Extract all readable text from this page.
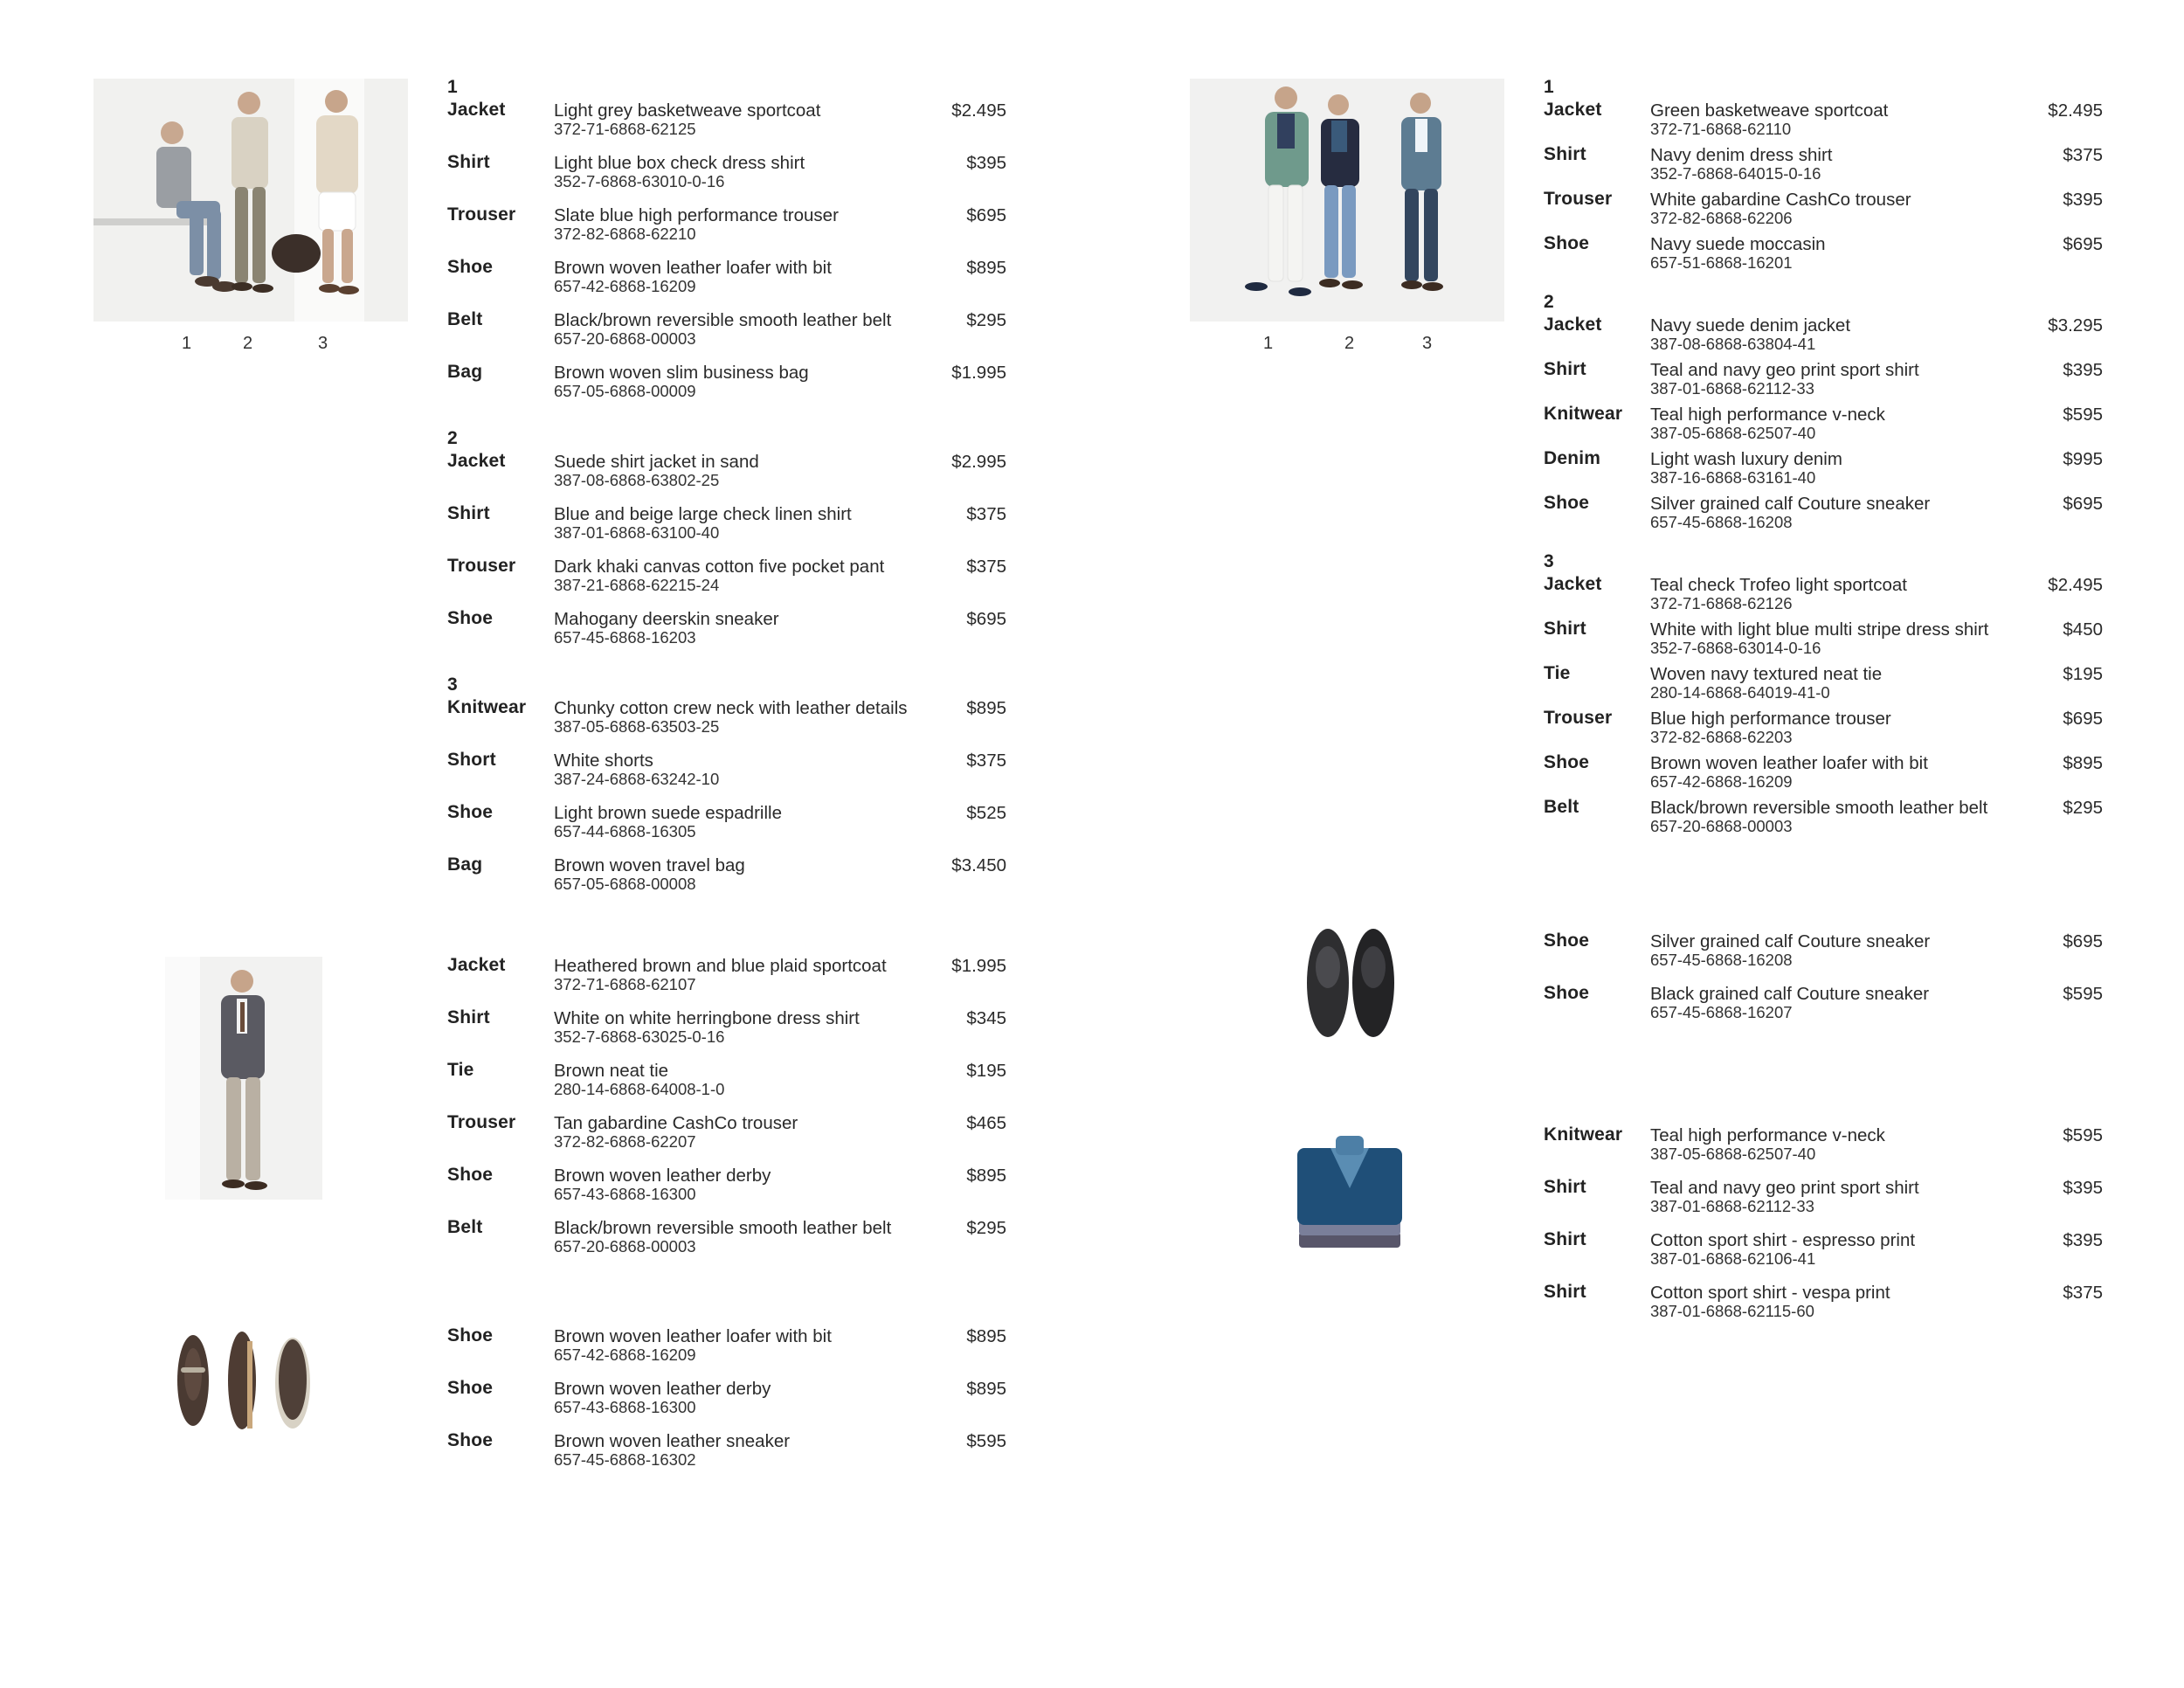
1	2	3
1
Jacket	Light grey basketweave sportcoat
372-71-6868-62125
$2.495
Shirt	Light blue box check dress shirt
352-7-6868-63010-0-16
$395
Trouser Slate blue high performance trouser
372-82-6868-62210
$695
Shoe	Brown woven leather loafer with bit
657-42-6868-16209
$895
Belt	Black/brown reversible smooth leather belt
657-20-6868-00003
$295
Bag	Brown woven slim business bag
657-05-6868-00009
$1.995
2
Jacket	Suede shirt jacket in sand
387-08-6868-63802-25
$2.995
Shirt	Blue and beige large check linen shirt
387-01-6868-63100-40
$375
Trouser Dark khaki canvas cotton five pocket pant
387-21-6868-62215-24
$375
Shoe	Mahogany deerskin sneaker
657-45-6868-16203
$695
3
Knitwear Chunky cotton crew neck with leather details
387-05-6868-63503-25
$895
Short	White shorts
387-24-6868-63242-10
$375
Shoe	Light brown suede espadrille
657-44-6868-16305
$525
Bag	Brown woven travel bag
657-05-6868-00008
$3.450
Jacket	Heathered brown and blue plaid sportcoat
372-71-6868-62107
$1.995
Shirt	White on white herringbone dress shirt
352-7-6868-63025-0-16
$345
Tie	Brown neat tie
280-14-6868-64008-1-0
$195
Trouser Tan gabardine CashCo trouser
372-82-6868-62207
$465
Shoe	Brown woven leather derby
657-43-6868-16300
$895
Belt	Black/brown reversible smooth leather belt
657-20-6868-00003
$295
Shoe	Brown woven leather loafer with bit
657-42-6868-16209
$895
Shoe	Brown woven leather derby
657-43-6868-16300
$895
Shoe	Brown woven leather sneaker
657-45-6868-16302
$595
1	2	3
1
Jacket	Green basketweave sportcoat
372-71-6868-62110
$2.495
Shirt	Navy denim dress shirt
352-7-6868-64015-0-16
$375
Trouser White gabardine CashCo trouser
372-82-6868-62206
$395
Shoe	Navy suede moccasin
657-51-6868-16201
$695
2
Jacket	Navy suede denim jacket
387-08-6868-63804-41
$3.295
Shirt	Teal and navy geo print sport shirt
387-01-6868-62112-33
$395
Knitwear Teal high performance v-neck
387-05-6868-62507-40
$595
Denim	Light wash luxury denim
387-16-6868-63161-40
$995
Shoe	Silver grained calf Couture sneaker
657-45-6868-16208
$695
3
Jacket	Teal check Trofeo light sportcoat
372-71-6868-62126
$2.495
Shirt	White with light blue multi stripe dress shirt
352-7-6868-63014-0-16
$450
Tie	Woven navy textured neat tie
280-14-6868-64019-41-0
$195
Trouser Blue high performance trouser
372-82-6868-62203
$695
Shoe	Brown woven leather loafer with bit
657-42-6868-16209
$895
Belt	Black/brown reversible smooth leather belt
657-20-6868-00003
$295
Shoe	Silver grained calf Couture sneaker
657-45-6868-16208
$695
Shoe	Black grained calf Couture sneaker
657-45-6868-16207
$595
Knitwear Teal high performance v-neck
387-05-6868-62507-40
$595
Shirt	Teal and navy geo print sport shirt
387-01-6868-62112-33
$395
Shirt	Cotton sport shirt - espresso print
387-01-6868-62106-41
$395
Shirt	Cotton sport shirt - vespa print
387-01-6868-62115-60
$375
